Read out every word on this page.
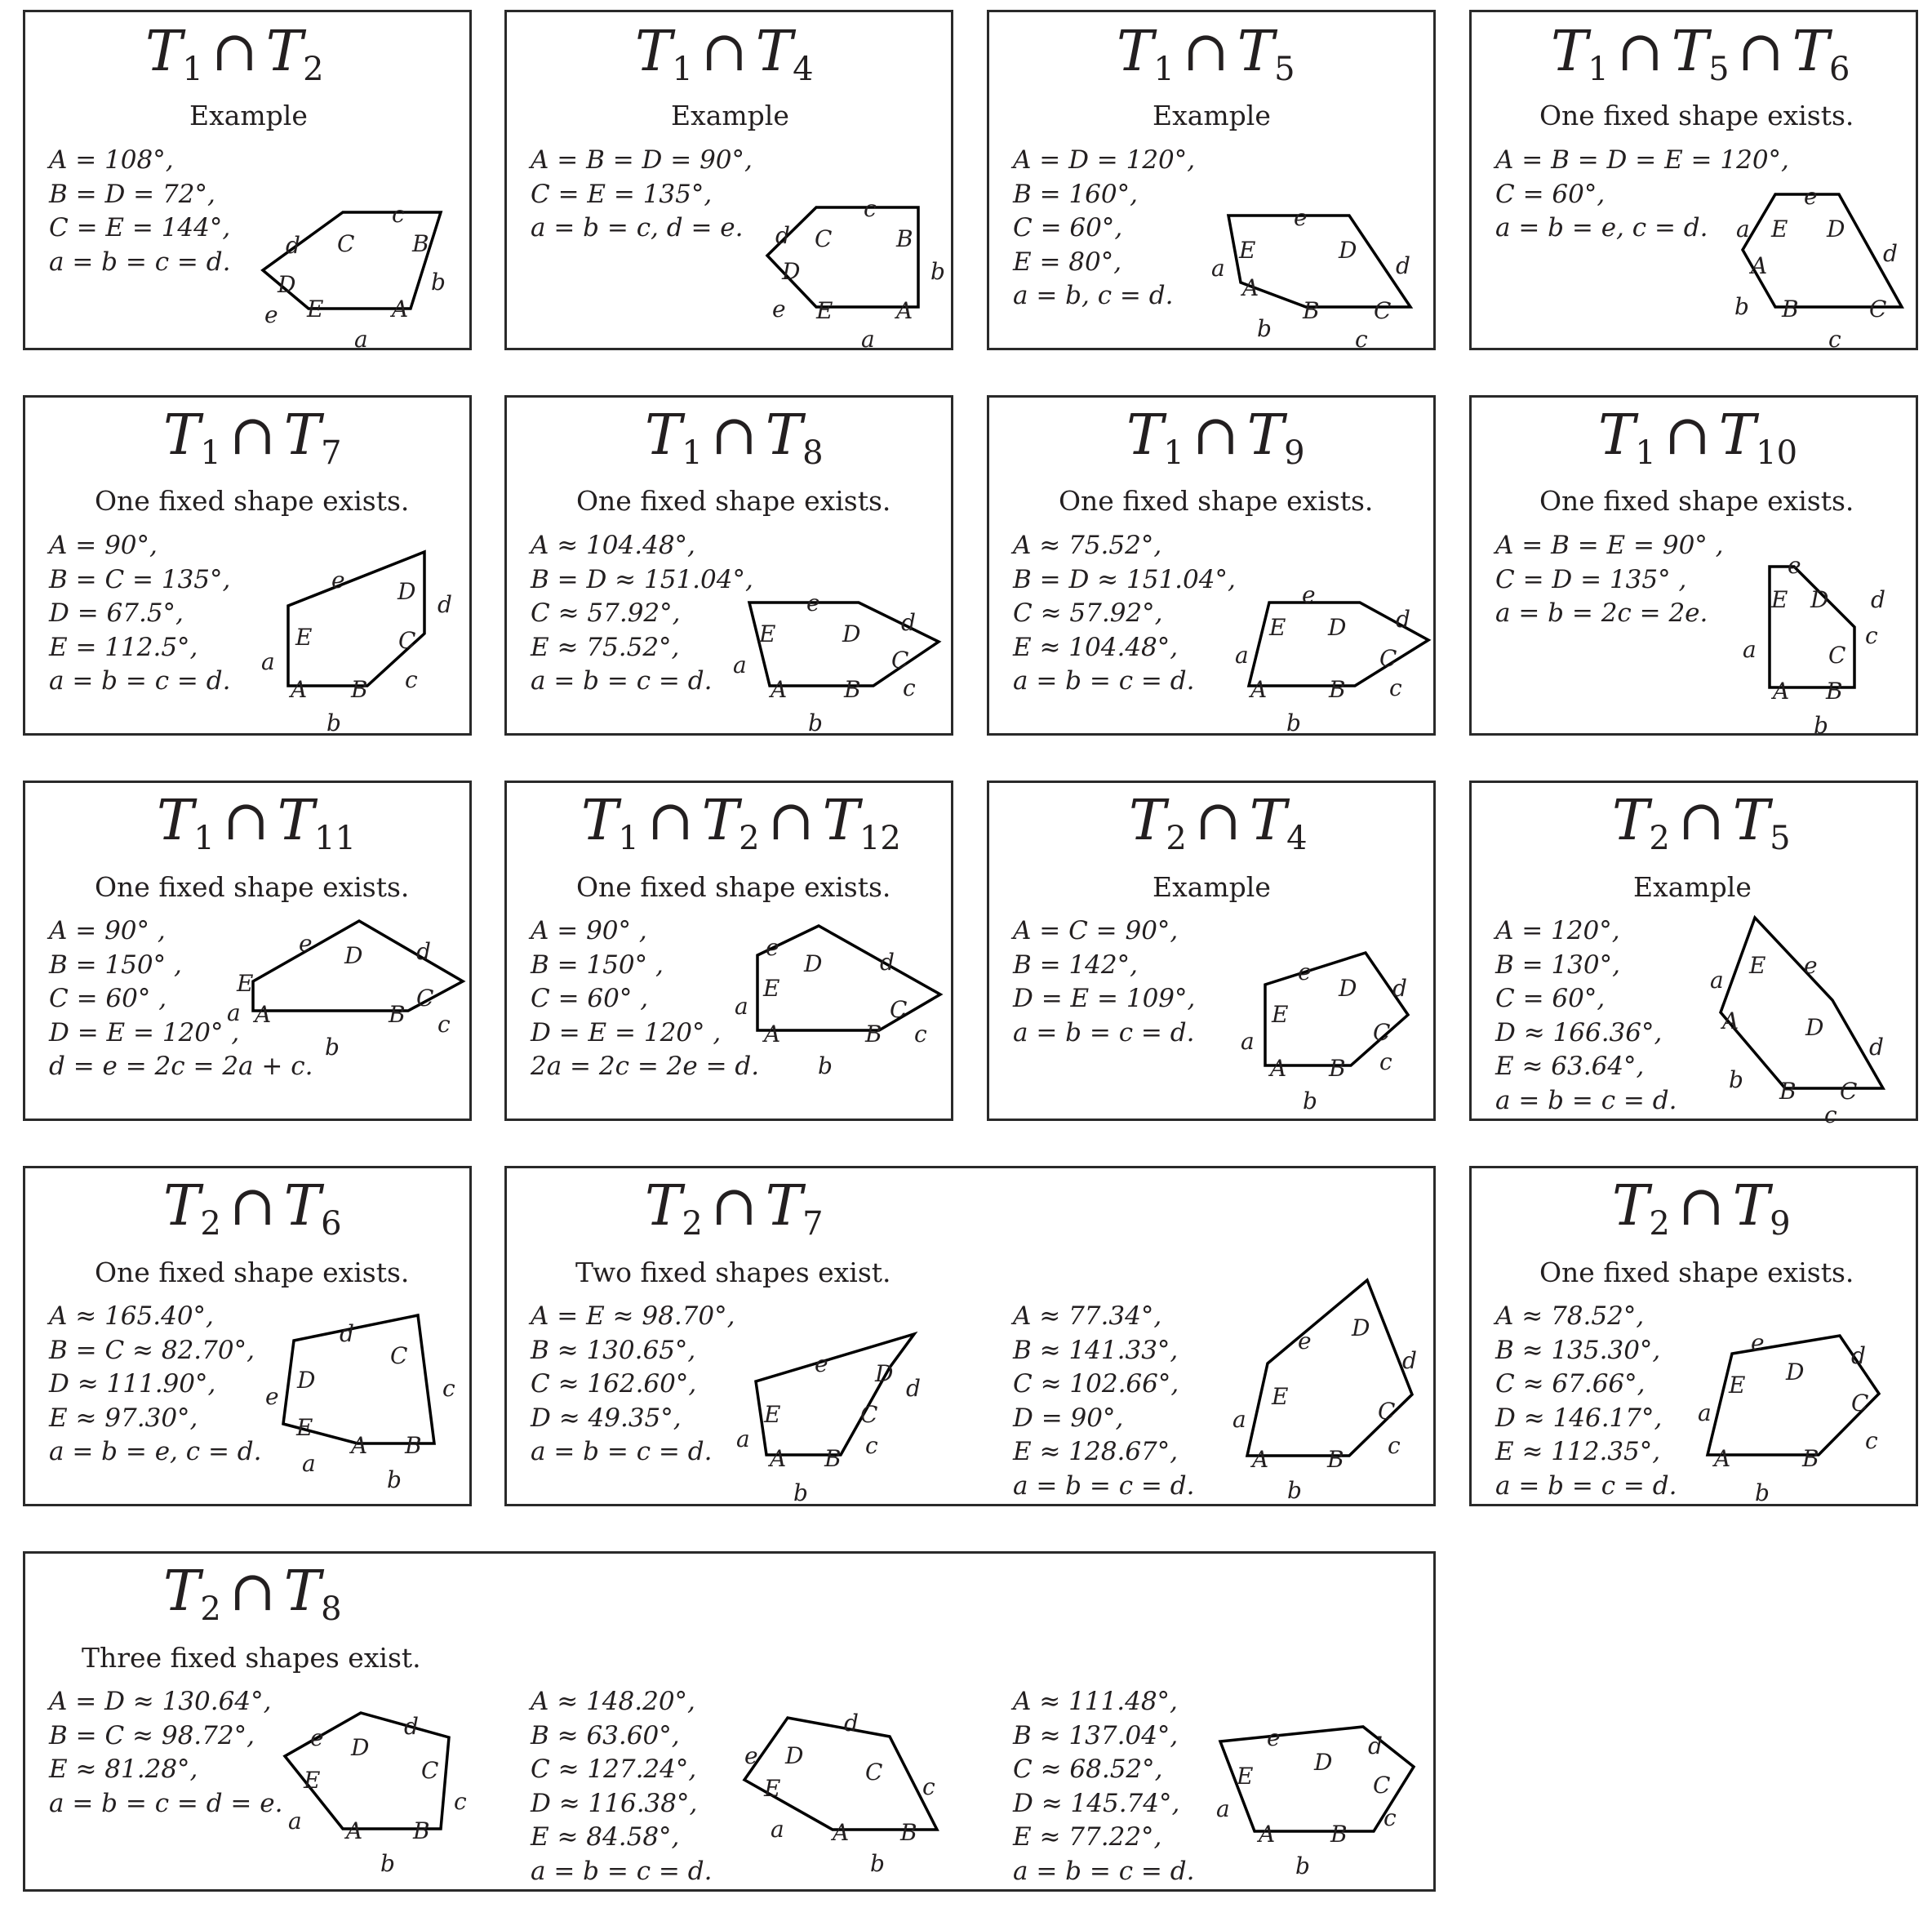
$T_1$ ∩ $T_2$
Example
A = 108°,
B = D = 72°,
C = E = 144°,
a = b = c = d.
$T_1$ ∩ $T_4$
Example
A = B = D = 90°,
C = E = 135°,
a = b = c, d = e.
$T_1$ ∩ $T_5$
Example
A = D = 120°,
B = 160°,
C = 60°,
E = 80°,
a = b, c = d.
$T_1$ ∩ $T_5$ ∩ $T_6$
One fixed shape exists.
A = B = D = E = 120°,
C = 60°,
a = b = e, c = d.
$T_1$ ∩ $T_7$
One fixed shape exists.
A = 90°,
B = C = 135°,
D = 67.5°,
E = 112.5°,
a = b = c = d.
$T_1$ ∩ $T_8$
One fixed shape exists.
A ≈ 104.48°,
B = D ≈ 151.04°,
C ≈ 57.92°,
E ≈ 75.52°,
a = b = c = d.
$T_1$ ∩ $T_9$
One fixed shape exists.
A ≈ 75.52°,
B = D ≈ 151.04°,
C ≈ 57.92°,
E ≈ 104.48°,
a = b = c = d.
$T_1$ ∩ $T_{10}$
One fixed shape exists.
A = B = E = 90° ,
C = D = 135° ,
a = b = 2c = 2e.
$T_1$ ∩ $T_{11}$
One fixed shape exists.
A = 90° ,
B = 150° ,
C = 60° ,
D = E = 120° ,
d = e = 2c = 2a + c.
$T_1$ ∩ $T_2$ ∩ $T_{12}$
One fixed shape exists.
A = 90° ,
B = 150° ,
C = 60° ,
D = E = 120° ,
2a = 2c = 2e = d.
$T_2$ ∩ $T_4$
Example
A = C = 90°,
B = 142°,
D = E = 109°,
a = b = c = d.
$T_2$ ∩ $T_5$
Example
A = 120°,
B = 130°,
C = 60°,
D ≈ 166.36°,
E ≈ 63.64°,
a = b = c = d.
$T_2$ ∩ $T_6$
One fixed shape exists.
A ≈ 165.40°,
B = C ≈ 82.70°,
D ≈ 111.90°,
E ≈ 97.30°,
a = b = e, c = d.
$T_2$ ∩ $T_7$
Two fixed shapes exist.
A = E ≈ 98.70°,
B ≈ 130.65°,
C ≈ 162.60°,
D ≈ 49.35°,
a = b = c = d.
A ≈ 77.34°,
B ≈ 141.33°,
C ≈ 102.66°,
D = 90°,
E ≈ 128.67°,
a = b = c = d.
$T_2$ ∩ $T_9$
One fixed shape exists.
A ≈ 78.52°,
B ≈ 135.30°,
C ≈ 67.66°,
D ≈ 146.17°,
E ≈ 112.35°,
a = b = c = d.
$T_2$ ∩ $T_8$
Three fixed shapes exist.
A = D ≈ 130.64°,
B = C ≈ 98.72°,
E ≈ 81.28°,
a = b = c = d = e.
A ≈ 148.20°,
B ≈ 63.60°,
C ≈ 127.24°,
D ≈ 116.38°,
E ≈ 84.58°,
a = b = c = d.
A ≈ 111.48°,
B ≈ 137.04°,
C ≈ 68.52°,
D ≈ 145.74°,
E ≈ 77.22°,
a = b = c = d.
A
B
C
D
E
a
b
c
d
e	A
B
C
D
E
a
b
c
d
e
A
B C
D
E
a
b	c
d
e
A
B	C
D
E
a
b
c
d
e
A B
C
D
E
a
b
c
d
e
A B
C
D
E
a
b
c
d
e
A	B
C
D
E
a
b
c
d
e
A B
C
D
E
a
b
c
d
e
A	B
C
D
E
a
b
c
d
e
A	B
C
D
E
a
b
c
d
e
A B
C
D
E
a
b
c
d
e
A
B C
D
E
a
b
c
d
e
A B
C
D
E
a
b
c
d
e
A B
C
D
E
a
b
c
d
e
A	B
C
D
E
a
b
c
d
e
A	B
C
D
E
a
b
c
d
e
A B
C
D
E
a
b
c
d
e
A B
C
D
E
a
b
c
d
e
A B
C
D
E
a
b
c
d
e
